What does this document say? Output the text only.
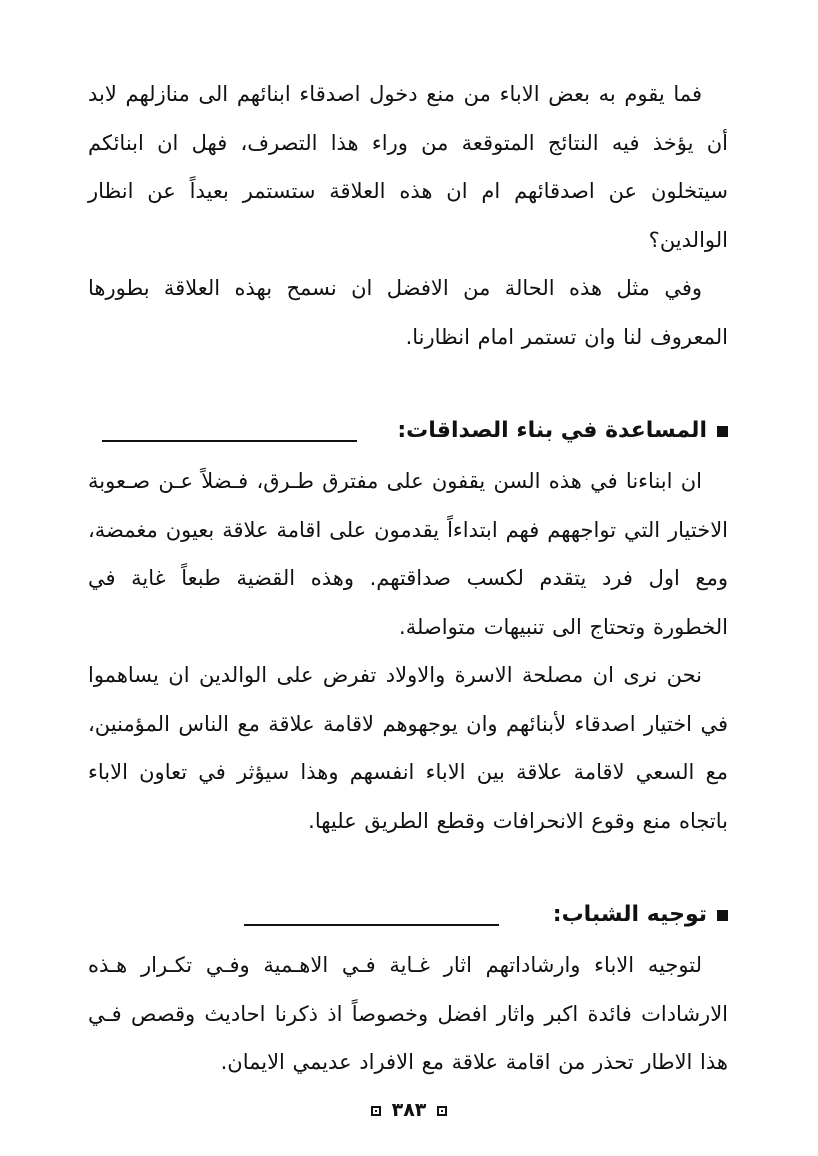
فما يقوم به بعض الاباء من منع دخول اصدقاء ابنائهم الى منازلهم لابد أن يؤخذ فيه النتائج المتوقعة من وراء هذا التصرف، فهل ان ابنائكم سيتخلون عن اصدقائهم ام ان هذه العلاقة ستستمر بعيداً عن انظار الوالدين؟

وفي مثل هذه الحالة من الافضل ان نسمح بهذه العلاقة بطورها المعروف لنا وان تستمر امام انظارنا.

المساعدة في بناء الصداقات:

ان ابناءنا في هذه السن يقفون على مفترق طـرق، فـضلاً عـن صـعوبة الاختيار التي تواجههم فهم ابتداءاً يقدمون على اقامة علاقة بعيون مغمضة، ومع اول فرد يتقدم لكسب صداقتهم. وهذه القضية طبعاً غاية في الخطورة وتحتاج الى تنبيهات متواصلة.

نحن نرى ان مصلحة الاسرة والاولاد تفرض على الوالدين ان يساهموا في اختيار اصدقاء لأبنائهم وان يوجهوهم لاقامة علاقة مع الناس المؤمنين، مع السعي لاقامة علاقة بين الاباء انفسهم وهذا سيؤثر في تعاون الاباء باتجاه منع وقوع الانحرافات وقطع الطريق عليها.

توجيه الشباب:

لتوجيه الاباء وارشاداتهم اثار غـاية فـي الاهـمية وفـي تكـرار هـذه الارشادات فائدة اكبر واثار افضل وخصوصاً اذ ذكرنا احاديث وقصص فـي هذا الاطار تحذر من اقامة علاقة مع الافراد عديمي الايمان.

٣٨٣
